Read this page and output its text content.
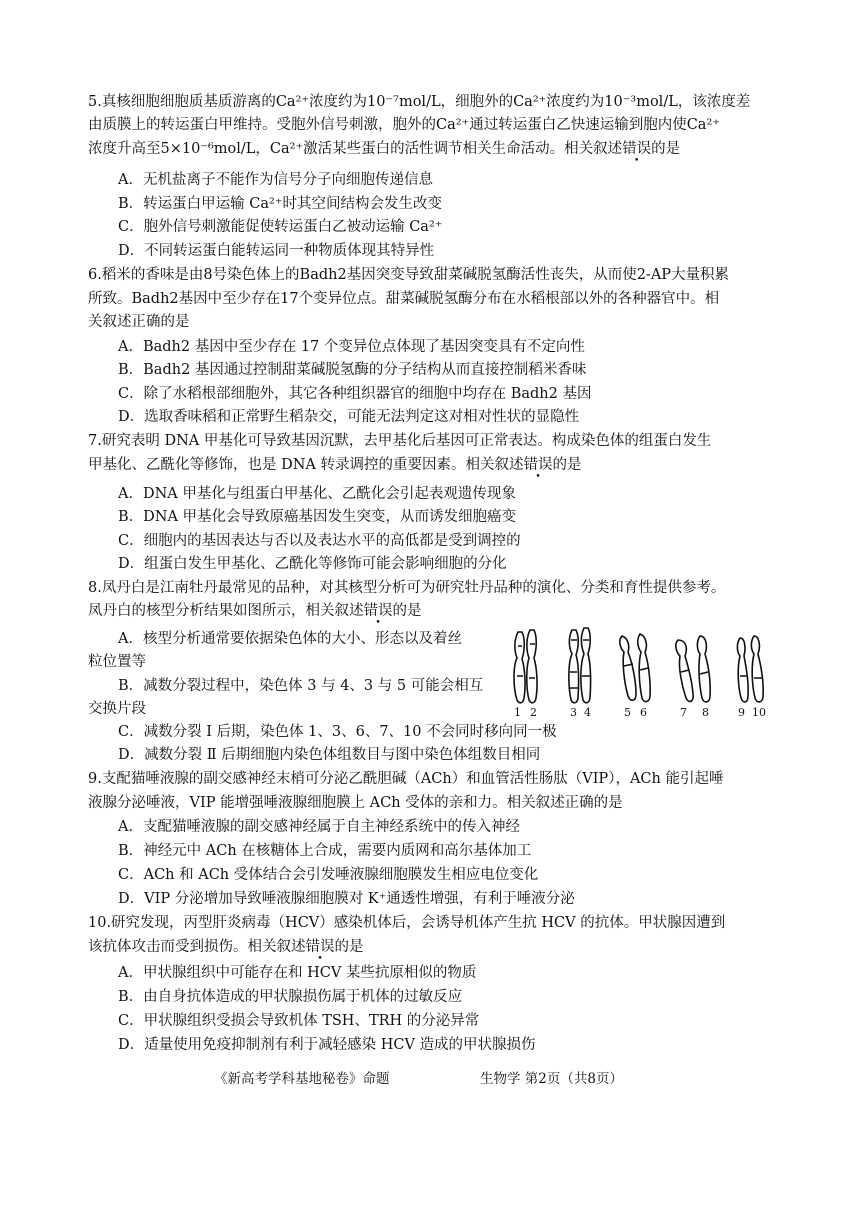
5.真核细胞细胞质基质游离的Ca²⁺浓度约为10⁻⁷mol/L，细胞外的Ca²⁺浓度约为10⁻³mol/L，该浓度差

由质膜上的转运蛋白甲维持。受胞外信号刺激，胞外的Ca²⁺通过转运蛋白乙快速运输到胞内使Ca²⁺

浓度升高至5×10⁻⁶mol/L，Ca²⁺激活某些蛋白的活性调节相关生命活动。相关叙述错误的是

A．无机盐离子不能作为信号分子向细胞传递信息

B．转运蛋白甲运输 Ca²⁺时其空间结构会发生改变

C．胞外信号刺激能促使转运蛋白乙被动运输 Ca²⁺

D．不同转运蛋白能转运同一种物质体现其特异性

6.稻米的香味是由8号染色体上的Badh2基因突变导致甜菜碱脱氢酶活性丧失，从而使2-AP大量积累

所致。Badh2基因中至少存在17个变异位点。甜菜碱脱氢酶分布在水稻根部以外的各种器官中。相

关叙述正确的是

A．Badh2 基因中至少存在 17 个变异位点体现了基因突变具有不定向性

B．Badh2 基因通过控制甜菜碱脱氢酶的分子结构从而直接控制稻米香味

C．除了水稻根部细胞外，其它各种组织器官的细胞中均存在 Badh2 基因

D．选取香味稻和正常野生稻杂交，可能无法判定这对相对性状的显隐性

7.研究表明 DNA 甲基化可导致基因沉默，去甲基化后基因可正常表达。构成染色体的组蛋白发生

甲基化、乙酰化等修饰，也是 DNA 转录调控的重要因素。相关叙述错误的是

A．DNA 甲基化与组蛋白甲基化、乙酰化会引起表观遗传现象

B．DNA 甲基化会导致原癌基因发生突变，从而诱发细胞癌变

C．细胞内的基因表达与否以及表达水平的高低都是受到调控的

D．组蛋白发生甲基化、乙酰化等修饰可能会影响细胞的分化

8.凤丹白是江南牡丹最常见的品种，对其核型分析可为研究牡丹品种的演化、分类和育性提供参考。

凤丹白的核型分析结果如图所示，相关叙述错误的是

A．核型分析通常要依据染色体的大小、形态以及着丝

粒位置等

B．减数分裂过程中，染色体 3 与 4、3 与 5 可能会相互

交换片段	1 2	3 4	5 6	7 8	9 10

C．减数分裂 Ⅰ 后期，染色体 1、3、6、7、10 不会同时移向同一极

D．减数分裂 Ⅱ 后期细胞内染色体组数目与图中染色体组数目相同

9.支配猫唾液腺的副交感神经末梢可分泌乙酰胆碱（ACh）和血管活性肠肽（VIP），ACh 能引起唾

液腺分泌唾液，VIP 能增强唾液腺细胞膜上 ACh 受体的亲和力。相关叙述正确的是

A．支配猫唾液腺的副交感神经属于自主神经系统中的传入神经

B．神经元中 ACh 在核糖体上合成，需要内质网和高尔基体加工

C．ACh 和 ACh 受体结合会引发唾液腺细胞膜发生相应电位变化

D．VIP 分泌增加导致唾液腺细胞膜对 K⁺通透性增强，有利于唾液分泌

10.研究发现，丙型肝炎病毒（HCV）感染机体后，会诱导机体产生抗 HCV 的抗体。甲状腺因遭到

该抗体攻击而受到损伤。相关叙述错误的是

A．甲状腺组织中可能存在和 HCV 某些抗原相似的物质

B．由自身抗体造成的甲状腺损伤属于机体的过敏反应

C．甲状腺组织受损会导致机体 TSH、TRH 的分泌异常

D．适量使用免疫抑制剂有利于减轻感染 HCV 造成的甲状腺损伤

《新高考学科基地秘卷》命题	生物学 第2页（共8页）
